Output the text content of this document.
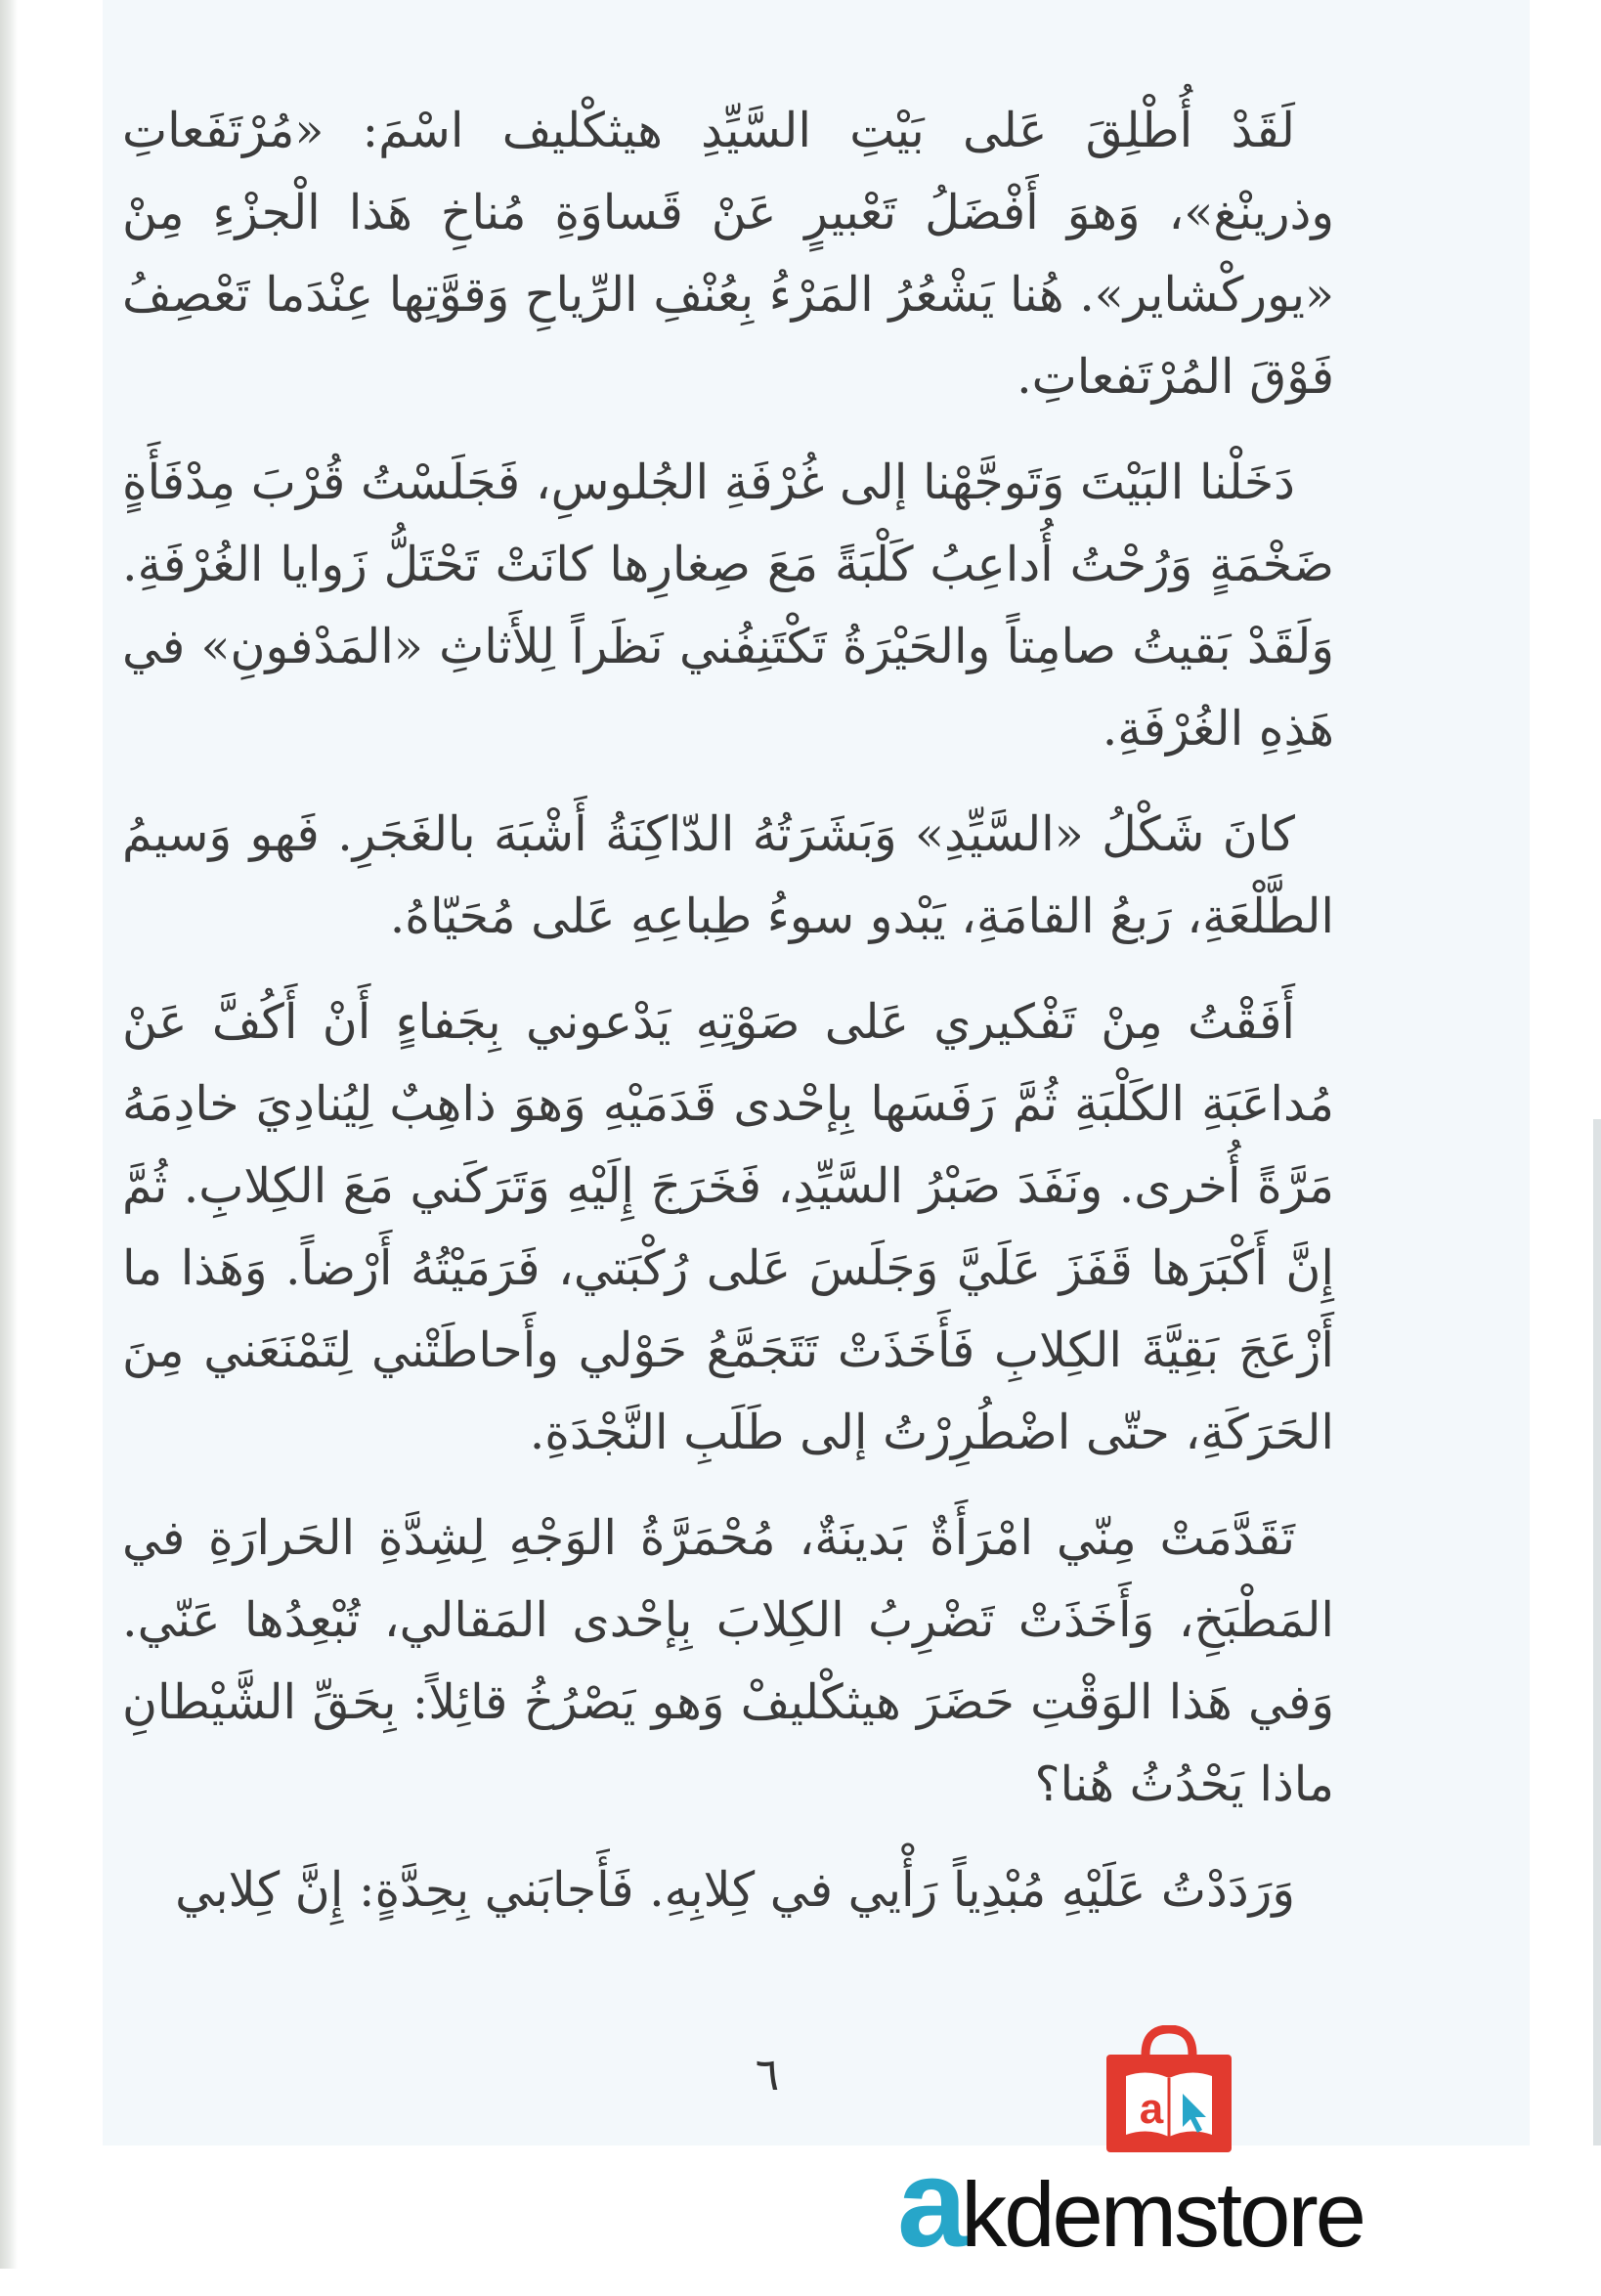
لَقَدْ أُطْلِقَ عَلى بَيْتِ السَّيِّدِ هيثكْليف اسْمَ: «مُرْتَفَعاتِ وذرينْغ»، وَهوَ أَفْضَلُ تَعْبيرٍ عَنْ قَساوَةِ مُناخِ هَذا الْجزْءِ مِنْ «يوركْشاير». هُنا يَشْعُرُ المَرْءُ بِعُنْفِ الرِّياحِ وَقوَّتِها عِنْدَما تَعْصِفُ فَوْقَ المُرْتَفعاتِ.

دَخَلْنا البَيْتَ وَتَوجَّهْنا إلى غُرْفَةِ الجُلوسِ، فَجَلَسْتُ قُرْبَ مِدْفَأَةٍ ضَخْمَةٍ وَرُحْتُ أُداعِبُ كَلْبَةً مَعَ صِغارِها كانَتْ تَحْتَلُّ زَوايا الغُرْفَةِ. وَلَقَدْ بَقيتُ صامِتاً والحَيْرَةُ تَكْتَنِفُني نَظَراً لِلأَثاثِ «المَدْفونِ» في هَذِهِ الغُرْفَةِ.

كانَ شَكْلُ «السَّيِّدِ» وَبَشَرَتُهُ الدّاكِنَةُ أَشْبَهَ بالغَجَرِ. فَهو وَسيمُ الطَّلْعَةِ، رَبعُ القامَةِ، يَبْدو سوءُ طِباعِهِ عَلى مُحَيّاهُ.

أَفَقْتُ مِنْ تَفْكيري عَلى صَوْتِهِ يَدْعوني بِجَفاءٍ أَنْ أَكُفَّ عَنْ مُداعَبَةِ الكَلْبَةِ ثُمَّ رَفَسَها بِإحْدى قَدَمَيْهِ وَهوَ ذاهِبٌ لِيُنادِيَ خادِمَهُ مَرَّةً أُخرى. ونَفَدَ صَبْرُ السَّيِّدِ، فَخَرَجَ إِلَيْهِ وَتَرَكَني مَعَ الكِلابِ. ثُمَّ إِنَّ أَكْبَرَها قَفَزَ عَلَيَّ وَجَلَسَ عَلى رُكْبَتي، فَرَمَيْتُهُ أَرْضاً. وَهَذا ما أَزْعَجَ بَقِيَّةَ الكِلابِ فَأَخَذَتْ تَتَجَمَّعُ حَوْلي وأَحاطَتْني لِتَمْنَعَني مِنَ الحَرَكَةِ، حتّى اضْطُرِرْتُ إلى طَلَبِ النَّجْدَةِ.

تَقَدَّمَتْ مِنّي امْرَأَةٌ بَدينَةٌ، مُحْمَرَّةُ الوَجْهِ لِشِدَّةِ الحَرارَةِ في المَطْبَخِ، وَأَخَذَتْ تَضْرِبُ الكِلابَ بِإحْدى المَقالي، تُبْعِدُها عَنّي. وَفي هَذا الوَقْتِ حَضَرَ هيثكْليفْ وَهو يَصْرُخُ قائِلاً: بِحَقِّ الشَّيْطانِ ماذا يَحْدُثُ هُنا؟

وَرَدَدْتُ عَلَيْهِ مُبْدِياً رَأْيي في كِلابِهِ. فَأَجابَني بِحِدَّةٍ: إِنَّ كِلابي

٦
a
akdemstore
